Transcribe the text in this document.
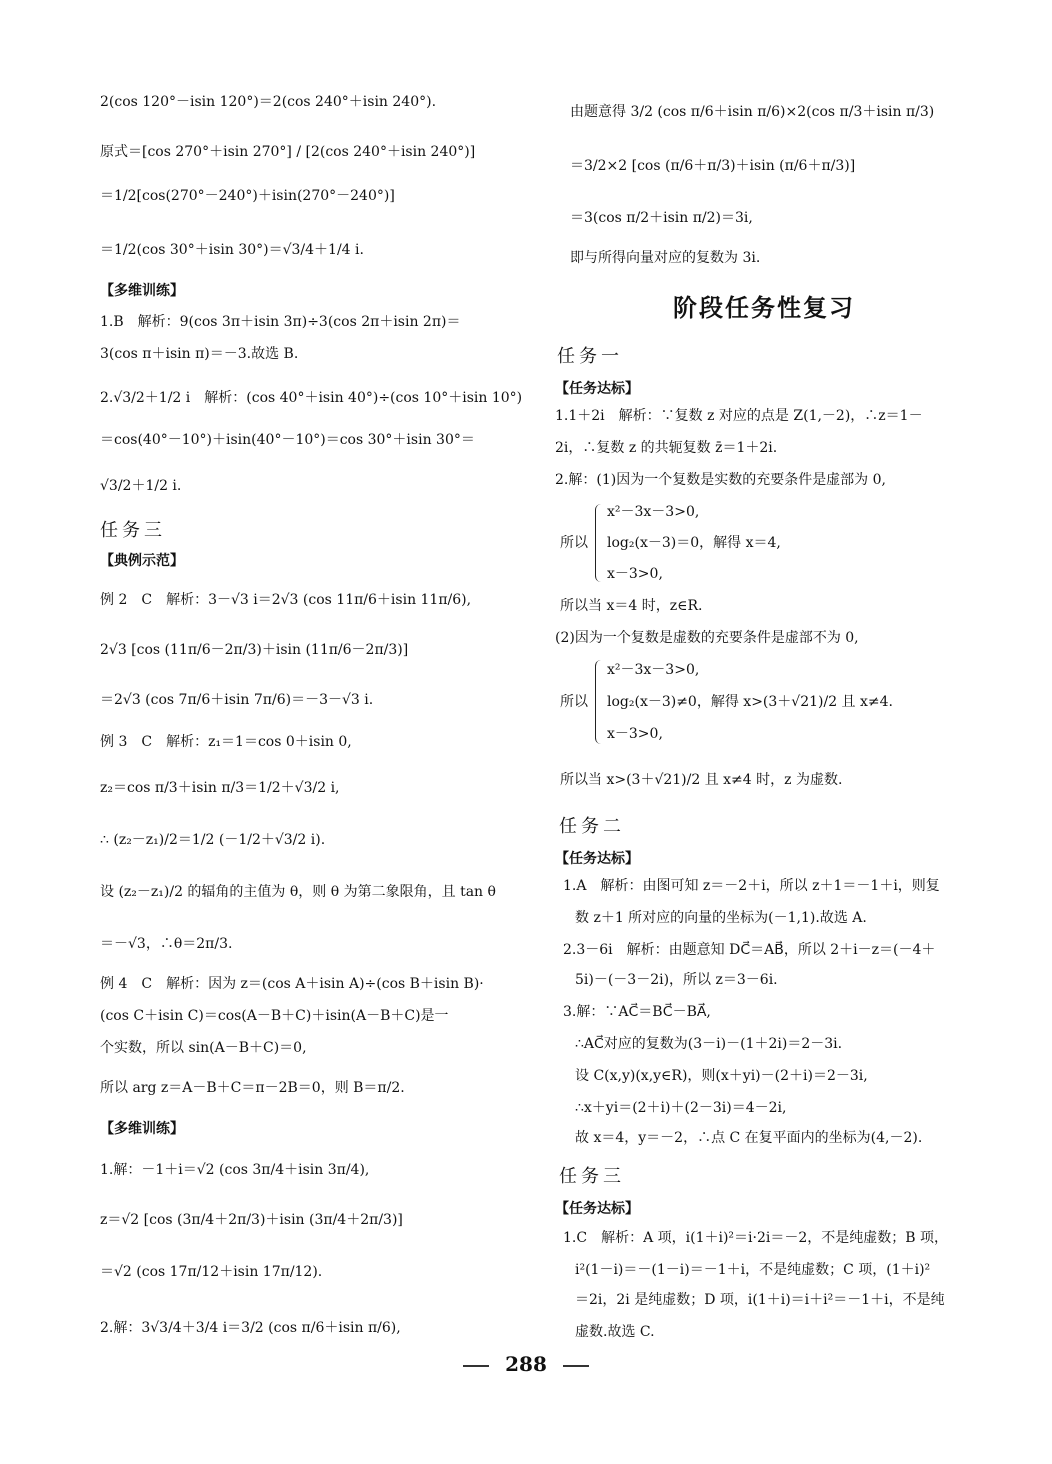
2(cos 120°－isin 120°)＝2(cos 240°＋isin 240°).
原式＝[cos 270°＋isin 270°] / [2(cos 240°＋isin 240°)]
＝1/2[cos(270°－240°)＋isin(270°－240°)]
＝1/2(cos 30°＋isin 30°)＝√3/4＋1/4 i.
【多维训练】
1.B　解析：9(cos 3π＋isin 3π)÷3(cos 2π＋isin 2π)＝
3(cos π＋isin π)＝－3.故选 B.
2.√3/2＋1/2 i　解析：(cos 40°＋isin 40°)÷(cos 10°＋isin 10°)
＝cos(40°－10°)＋isin(40°－10°)＝cos 30°＋isin 30°＝
√3/2＋1/2 i.
任务三
【典例示范】
例 2　C　解析：3－√3 i＝2√3 (cos 11π/6＋isin 11π/6),
2√3 [cos (11π/6－2π/3)＋isin (11π/6－2π/3)]
＝2√3 (cos 7π/6＋isin 7π/6)＝－3－√3 i.
例 3　C　解析：z₁＝1＝cos 0＋isin 0,
z₂＝cos π/3＋isin π/3＝1/2＋√3/2 i,
∴ (z₂－z₁)/2＝1/2 (－1/2＋√3/2 i).
设 (z₂－z₁)/2 的辐角的主值为 θ，则 θ 为第二象限角，且 tan θ
＝－√3，∴θ＝2π/3.
例 4　C　解析：因为 z＝(cos A＋isin A)÷(cos B＋isin B)·
(cos C＋isin C)＝cos(A－B＋C)＋isin(A－B＋C)是一
个实数，所以 sin(A－B＋C)＝0,
所以 arg z＝A－B＋C＝π－2B＝0，则 B＝π/2.
【多维训练】
1.解：－1＋i＝√2 (cos 3π/4＋isin 3π/4),
z＝√2 [cos (3π/4＋2π/3)＋isin (3π/4＋2π/3)]
＝√2 (cos 17π/12＋isin 17π/12).
2.解：3√3/4＋3/4 i＝3/2 (cos π/6＋isin π/6),
由题意得 3/2 (cos π/6＋isin π/6)×2(cos π/3＋isin π/3)
＝3/2×2 [cos (π/6＋π/3)＋isin (π/6＋π/3)]
＝3(cos π/2＋isin π/2)＝3i,
即与所得向量对应的复数为 3i.
阶段任务性复习
任务一
【任务达标】
1.1＋2i　解析：∵复数 z 对应的点是 Z(1,－2)，∴z＝1－
2i，∴复数 z 的共轭复数 z̄＝1＋2i.
2.解：(1)因为一个复数是实数的充要条件是虚部为 0,
所以
x²－3x－3>0,
log₂(x－3)＝0，解得 x＝4,
x－3>0,
所以当 x＝4 时，z∈R.
(2)因为一个复数是虚数的充要条件是虚部不为 0,
所以
x²－3x－3>0,
log₂(x－3)≠0，解得 x>(3＋√21)/2 且 x≠4.
x－3>0,
所以当 x>(3＋√21)/2 且 x≠4 时，z 为虚数.
任务二
【任务达标】
1.A　解析：由图可知 z＝－2＋i，所以 z＋1＝－1＋i，则复
数 z＋1 所对应的向量的坐标为(－1,1).故选 A.
2.3－6i　解析：由题意知 DC⃗＝AB⃗，所以 2＋i－z＝(－4＋
5i)－(－3－2i)，所以 z＝3－6i.
3.解：∵AC⃗＝BC⃗－BA⃗,
∴AC⃗对应的复数为(3－i)－(1＋2i)＝2－3i.
设 C(x,y)(x,y∈R)，则(x＋yi)－(2＋i)＝2－3i,
∴x＋yi＝(2＋i)＋(2－3i)＝4－2i,
故 x＝4，y＝－2，∴点 C 在复平面内的坐标为(4,－2).
任务三
【任务达标】
1.C　解析：A 项，i(1＋i)²＝i·2i＝－2，不是纯虚数；B 项，
i²(1－i)＝－(1－i)＝－1＋i，不是纯虚数；C 项，(1＋i)²
＝2i，2i 是纯虚数；D 项，i(1＋i)＝i＋i²＝－1＋i，不是纯
虚数.故选 C.
288
